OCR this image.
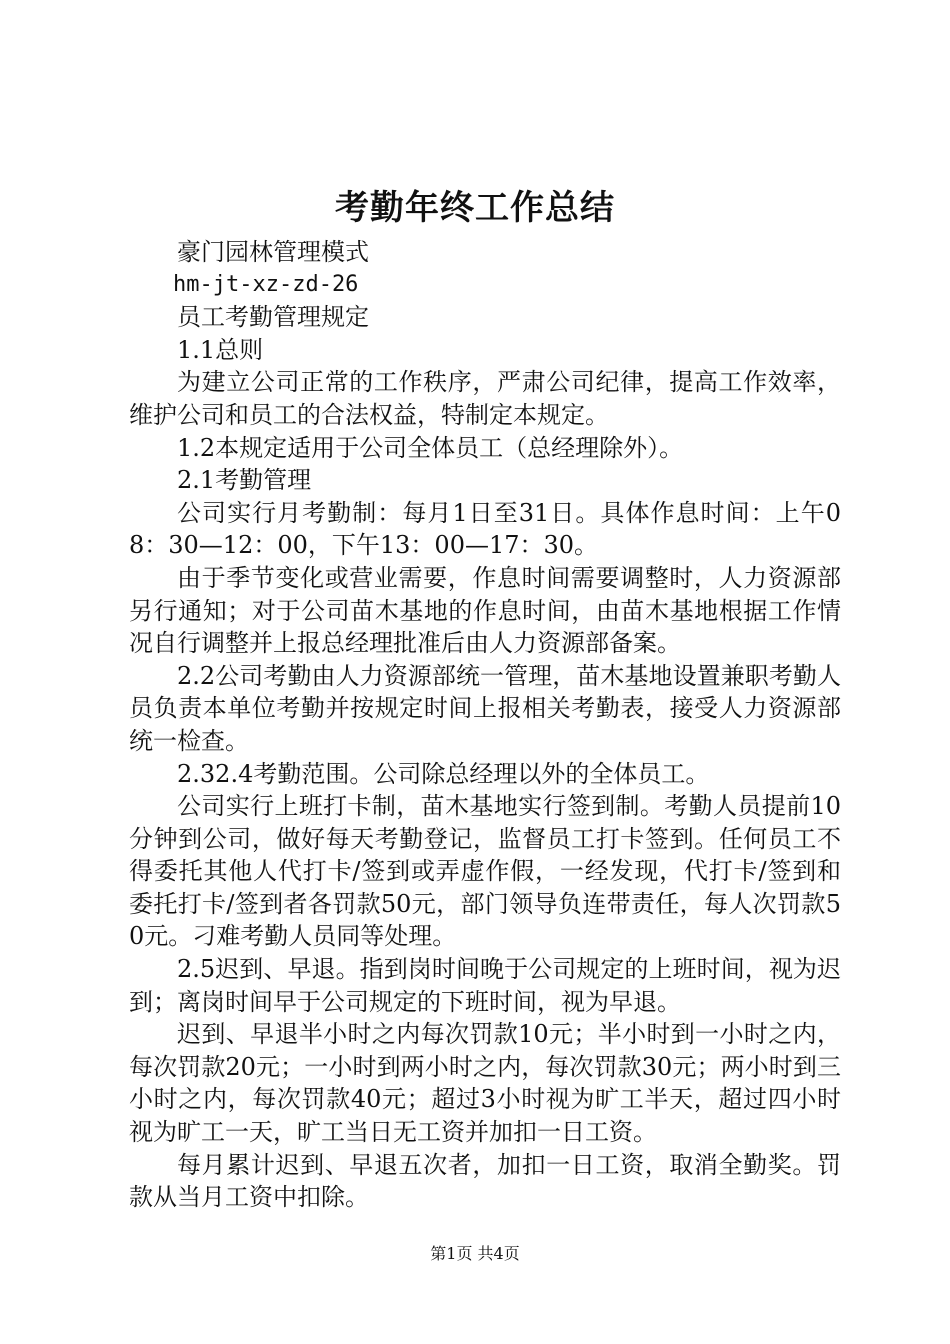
考勤年终工作总结

豪门园林管理模式

hm-jt-xz-zd-26

员工考勤管理规定

1.1总则

为建立公司正常的工作秩序，严肃公司纪律，提高工作效率，维护公司和员工的合法权益，特制定本规定。

1.2本规定适用于公司全体员工（总经理除外）。

2.1考勤管理

公司实行月考勤制：每月1日至31日。具体作息时间：上午08：30—12：00，下午13：00—17：30。

由于季节变化或营业需要，作息时间需要调整时，人力资源部另行通知；对于公司苗木基地的作息时间，由苗木基地根据工作情况自行调整并上报总经理批准后由人力资源部备案。

2.2公司考勤由人力资源部统一管理，苗木基地设置兼职考勤人员负责本单位考勤并按规定时间上报相关考勤表，接受人力资源部统一检查。

2.32.4考勤范围。公司除总经理以外的全体员工。

公司实行上班打卡制，苗木基地实行签到制。考勤人员提前10分钟到公司，做好每天考勤登记，监督员工打卡签到。任何员工不得委托其他人代打卡/签到或弄虚作假，一经发现，代打卡/签到和委托打卡/签到者各罚款50元，部门领导负连带责任，每人次罚款50元。刁难考勤人员同等处理。

2.5迟到、早退。指到岗时间晚于公司规定的上班时间，视为迟到；离岗时间早于公司规定的下班时间，视为早退。

迟到、早退半小时之内每次罚款10元；半小时到一小时之内，每次罚款20元；一小时到两小时之内，每次罚款30元；两小时到三小时之内，每次罚款40元；超过3小时视为旷工半天，超过四小时视为旷工一天，旷工当日无工资并加扣一日工资。

每月累计迟到、早退五次者，加扣一日工资，取消全勤奖。罚款从当月工资中扣除。

第1页 共4页
